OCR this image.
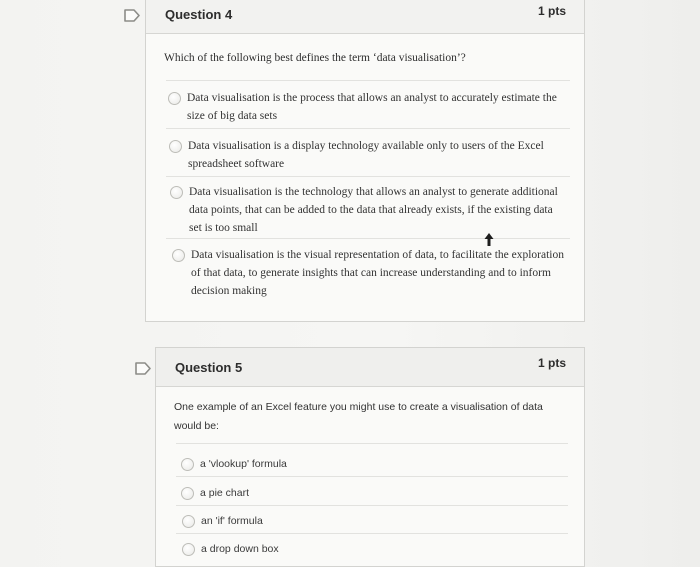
Question 4	1 pts
Which of the following best defines the term ‘data visualisation’?
Data visualisation is the process that allows an analyst to accurately estimate the size of big data sets
Data visualisation is a display technology available only to users of the Excel spreadsheet software
Data visualisation is the technology that allows an analyst to generate additional data points, that can be added to the data that already exists, if the existing data set is too small
Data visualisation is the visual representation of data, to facilitate the exploration of that data, to generate insights that can increase understanding and to inform decision making
Question 5	1 pts
One example of an Excel feature you might use to create a visualisation of data would be:
a 'vlookup' formula
a pie chart
an 'if' formula
a drop down box
